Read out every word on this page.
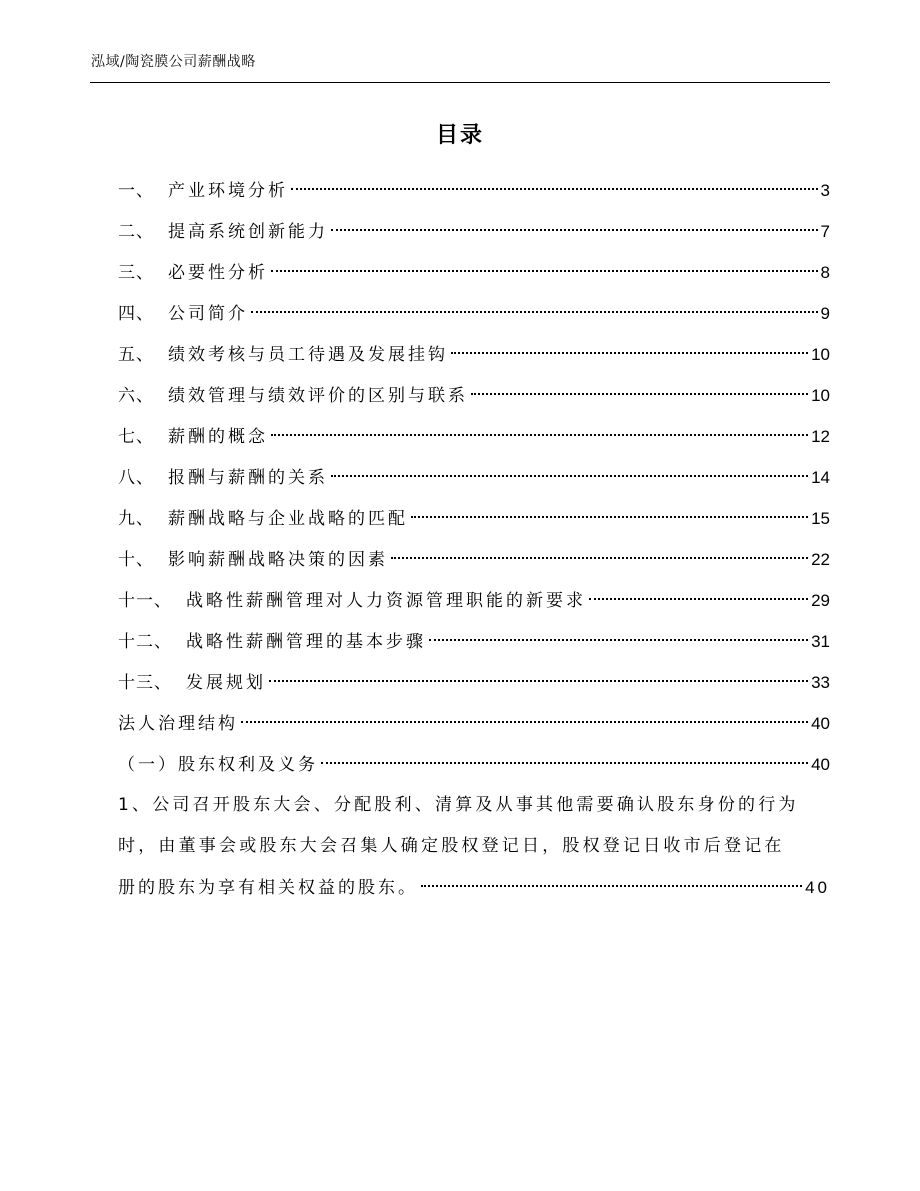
泓域/陶瓷膜公司薪酬战略
目录
一、 产业环境分析	3
二、 提高系统创新能力	7
三、 必要性分析	8
四、 公司简介	9
五、 绩效考核与员工待遇及发展挂钩	10
六、 绩效管理与绩效评价的区别与联系	10
七、 薪酬的概念	12
八、 报酬与薪酬的关系	14
九、 薪酬战略与企业战略的匹配	15
十、 影响薪酬战略决策的因素	22
十一、 战略性薪酬管理对人力资源管理职能的新要求	29
十二、 战略性薪酬管理的基本步骤	31
十三、 发展规划	33
法人治理结构	40
（一）股东权利及义务	40
1、公司召开股东大会、分配股利、清算及从事其他需要确认股东身份的行为
时，由董事会或股东大会召集人确定股权登记日，股权登记日收市后登记在
册的股东为享有相关权益的股东。	40
